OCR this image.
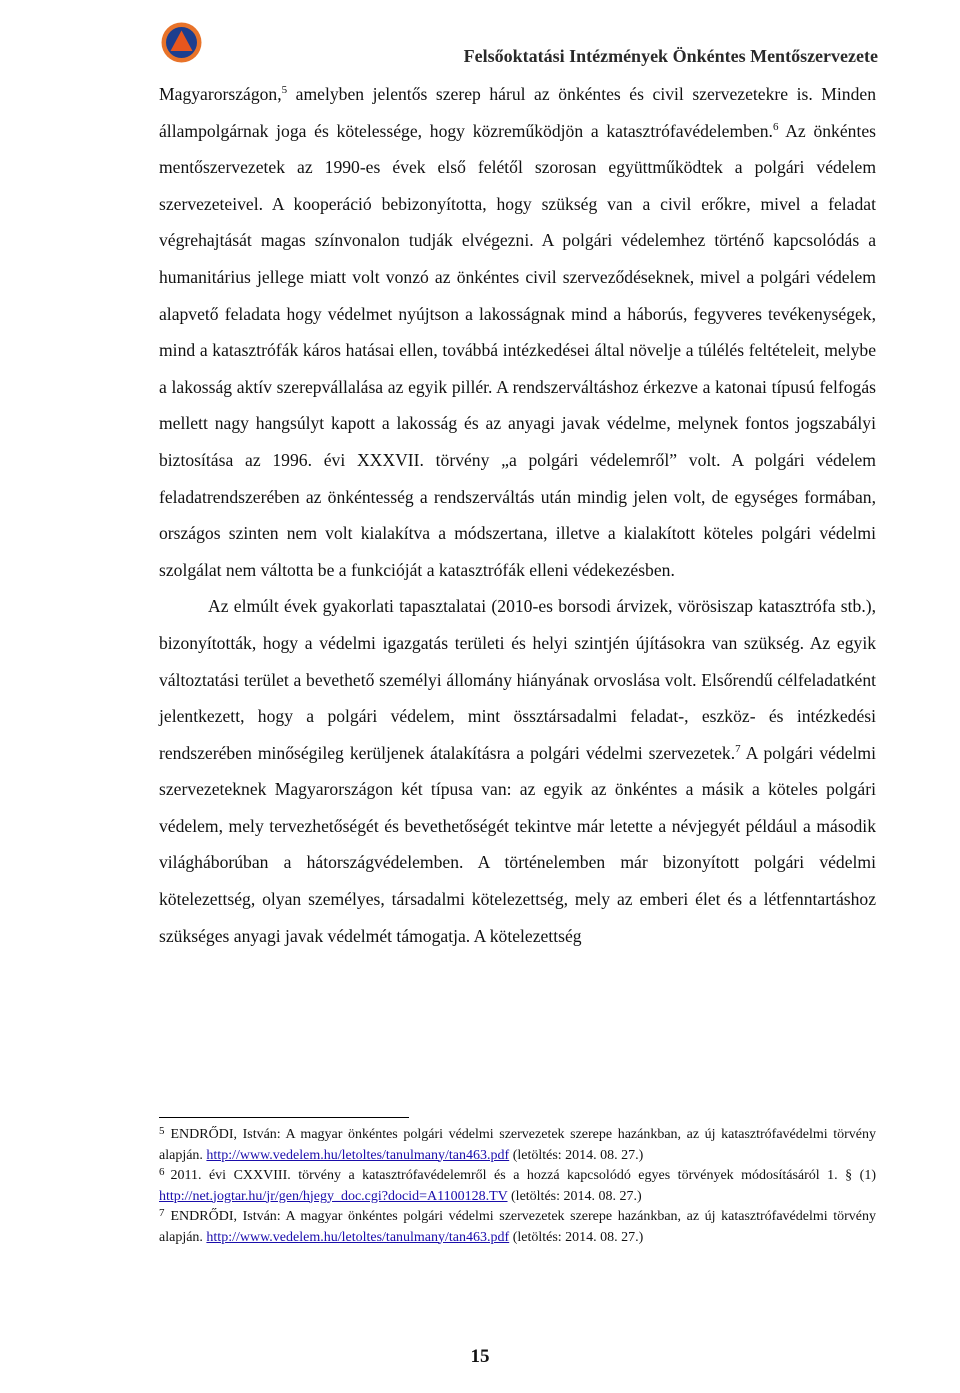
Felsőoktatási Intézmények Önkéntes Mentőszervezete

Magyarországon,$^5$ amelyben jelentős szerep hárul az önkéntes és civil szervezetekre is. Minden állampolgárnak joga és kötelessége, hogy közreműködjön a katasztrófavédelemben.$^6$ Az önkéntes mentőszervezetek az 1990-es évek első felétől szorosan együttműködtek a polgári védelem szervezeteivel. A kooperáció bebizonyította, hogy szükség van a civil erőkre, mivel a feladat végrehajtását magas színvonalon tudják elvégezni. A polgári védelemhez történő kapcsolódás a humanitárius jellege miatt volt vonzó az önkéntes civil szerveződéseknek, mivel a polgári védelem alapvető feladata hogy védelmet nyújtson a lakosságnak mind a háborús, fegyveres tevékenységek, mind a katasztrófák káros hatásai ellen, továbbá intézkedései által növelje a túlélés feltételeit, melybe a lakosság aktív szerepvállalása az egyik pillér. A rendszerváltáshoz érkezve a katonai típusú felfogás mellett nagy hangsúlyt kapott a lakosság és az anyagi javak védelme, melynek fontos jogszabályi biztosítása az 1996. évi XXXVII. törvény „a polgári védelemről” volt. A polgári védelem feladatrendszerében az önkéntesség a rendszerváltás után mindig jelen volt, de egységes formában, országos szinten nem volt kialakítva a módszertana, illetve a kialakított köteles polgári védelmi szolgálat nem váltotta be a funkcióját a katasztrófák elleni védekezésben.

Az elmúlt évek gyakorlati tapasztalatai (2010-es borsodi árvizek, vörösiszap katasztrófa stb.), bizonyították, hogy a védelmi igazgatás területi és helyi szintjén újításokra van szükség. Az egyik változtatási terület a bevethető személyi állomány hiányának orvoslása volt. Elsőrendű célfeladatként jelentkezett, hogy a polgári védelem, mint össztársadalmi feladat-, eszköz- és intézkedési rendszerében minőségileg kerüljenek átalakításra a polgári védelmi szervezetek.$^7$ A polgári védelmi szervezeteknek Magyarországon két típusa van: az egyik az önkéntes a másik a köteles polgári védelem, mely tervezhetőségét és bevethetőségét tekintve már letette a névjegyét például a második világháborúban a hátországvédelemben. A történelemben már bizonyított polgári védelmi kötelezettség, olyan személyes, társadalmi kötelezettség, mely az emberi élet és a létfenntartáshoz szükséges anyagi javak védelmét támogatja. A kötelezettség

$^5$ ENDRŐDI, István: A magyar önkéntes polgári védelmi szervezetek szerepe hazánkban, az új katasztrófavédelmi törvény alapján. http://www.vedelem.hu/letoltes/tanulmany/tan463.pdf (letöltés: 2014. 08. 27.)

$^6$ 2011. évi CXXVIII. törvény a katasztrófavédelemről és a hozzá kapcsolódó egyes törvények módosításáról 1. § (1) http://net.jogtar.hu/jr/gen/hjegy_doc.cgi?docid=A1100128.TV (letöltés: 2014. 08. 27.)

$^7$ ENDRŐDI, István: A magyar önkéntes polgári védelmi szervezetek szerepe hazánkban, az új katasztrófavédelmi törvény alapján. http://www.vedelem.hu/letoltes/tanulmany/tan463.pdf (letöltés: 2014. 08. 27.)

15
